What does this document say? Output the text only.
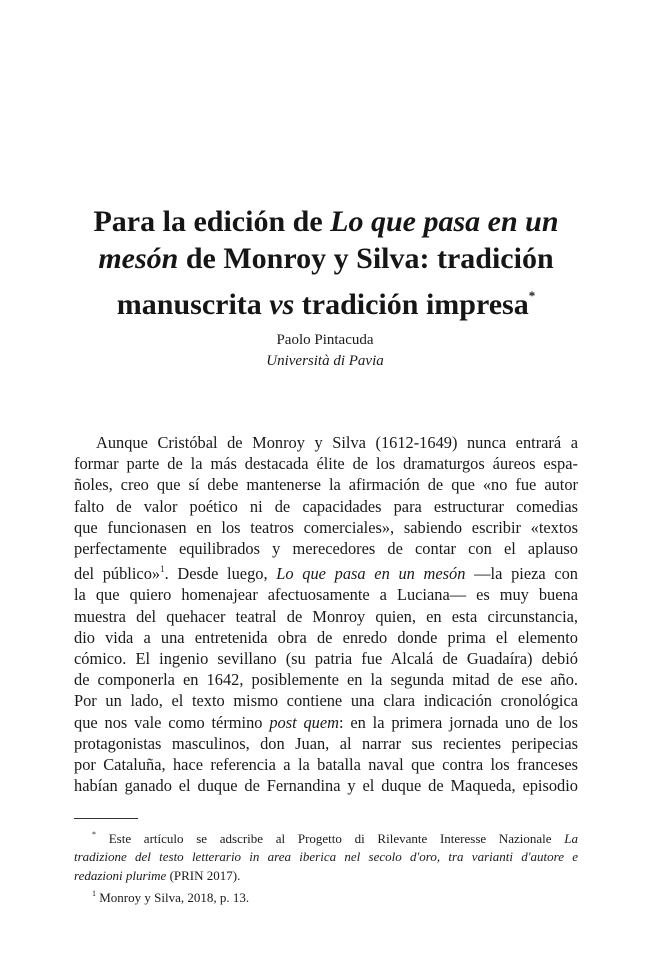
Para la edición de Lo que pasa en un
mesón de Monroy y Silva: tradición
manuscrita vs tradición impresa*
Paolo Pintacuda
Università di Pavia
Aunque Cristóbal de Monroy y Silva (1612-1649) nunca entrará a
formar parte de la más destacada élite de los dramaturgos áureos espa-
ñoles, creo que sí debe mantenerse la afirmación de que «no fue autor
falto de valor poético ni de capacidades para estructurar comedias
que funcionasen en los teatros comerciales», sabiendo escribir «textos
perfectamente equilibrados y merecedores de contar con el aplauso
del público»$^1$. Desde luego, Lo que pasa en un mesón —la pieza con
la que quiero homenajear afectuosamente a Luciana— es muy buena
muestra del quehacer teatral de Monroy quien, en esta circunstancia,
dio vida a una entretenida obra de enredo donde prima el elemento
cómico. El ingenio sevillano (su patria fue Alcalá de Guadaíra) debió
de componerla en 1642, posiblemente en la segunda mitad de ese año.
Por un lado, el texto mismo contiene una clara indicación cronológica
que nos vale como término post quem: en la primera jornada uno de los
protagonistas masculinos, don Juan, al narrar sus recientes peripecias
por Cataluña, hace referencia a la batalla naval que contra los franceses
habían ganado el duque de Fernandina y el duque de Maqueda, episodio
* Este artículo se adscribe al Progetto di Rilevante Interesse Nazionale La
tradizione del testo letterario in area iberica nel secolo d'oro, tra varianti d'autore e
redazioni plurime (PRIN 2017).
$^1$ Monroy y Silva, 2018, p. 13.
